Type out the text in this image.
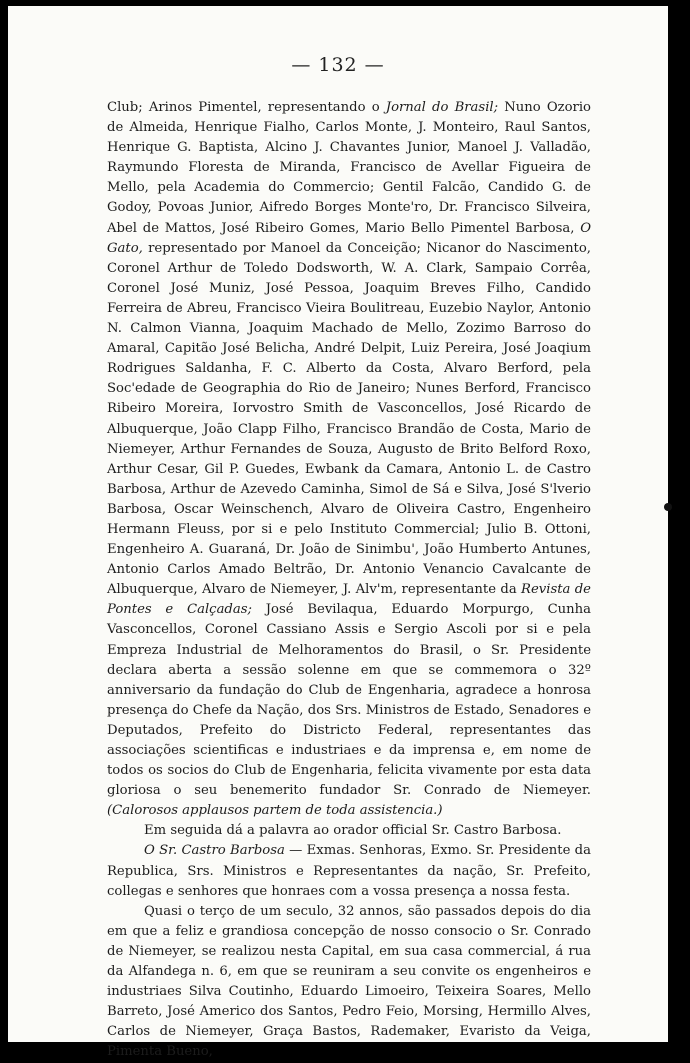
— 132 —

Club; Arinos Pimentel, representando o Jornal do Brasil; Nuno Ozorio de Almeida, Henrique Fialho, Carlos Monte, J. Monteiro, Raul Santos, Henrique G. Baptista, Alcino J. Chavantes Junior, Manoel J. Valladão, Raymundo Floresta de Miranda, Francisco de Avellar Figueira de Mello, pela Academia do Commercio; Gentil Falcão, Candido G. de Godoy, Povoas Junior, Aifredo Borges Monte'ro, Dr. Francisco Silveira, Abel de Mattos, José Ribeiro Gomes, Mario Bello Pimentel Barbosa, O Gato, representado por Manoel da Conceição; Nicanor do Nascimento, Coronel Arthur de Toledo Dodsworth, W. A. Clark, Sampaio Corrêa, Coronel José Muniz, José Pessoa, Joaquim Breves Filho, Candido Ferreira de Abreu, Francisco Vieira Boulitreau, Euzebio Naylor, Antonio N. Calmon Vianna, Joaquim Machado de Mello, Zozimo Barroso do Amaral, Capitão José Belicha, André Delpit, Luiz Pereira, José Joaqium Rodrigues Saldanha, F. C. Alberto da Costa, Alvaro Berford, pela Soc'edade de Geographia do Rio de Janeiro; Nunes Berford, Francisco Ribeiro Moreira, Iorvostro Smith de Vasconcellos, José Ricardo de Albuquerque, João Clapp Filho, Francisco Brandão de Costa, Mario de Niemeyer, Arthur Fernandes de Souza, Augusto de Brito Belford Roxo, Arthur Cesar, Gil P. Guedes, Ewbank da Camara, Antonio L. de Castro Barbosa, Arthur de Azevedo Caminha, Simol de Sá e Silva, José S'lverio Barbosa, Oscar Weinschench, Alvaro de Oliveira Castro, Engenheiro Hermann Fleuss, por si e pelo Instituto Commercial; Julio B. Ottoni, Engenheiro A. Guaraná, Dr. João de Sinimbu', João Humberto Antunes, Antonio Carlos Amado Beltrão, Dr. Antonio Venancio Cavalcante de Albuquerque, Alvaro de Niemeyer, J. Alv'm, representante da Revista de Pontes e Calçadas; José Bevilaqua, Eduardo Morpurgo, Cunha Vasconcellos, Coronel Cassiano Assis e Sergio Ascoli por si e pela Empreza Industrial de Melhoramentos do Brasil, o Sr. Presidente declara aberta a sessão solenne em que se commemora o 32º anniversario da fundação do Club de Engenharia, agradece a honrosa presença do Chefe da Nação, dos Srs. Ministros de Estado, Senadores e Deputados, Prefeito do Districto Federal, representantes das associações scientificas e industriaes e da imprensa e, em nome de todos os socios do Club de Engenharia, felicita vivamente por esta data gloriosa o seu benemerito fundador Sr. Conrado de Niemeyer. (Calorosos applausos partem de toda assistencia.)

Em seguida dá a palavra ao orador official Sr. Castro Barbosa.

O Sr. Castro Barbosa — Exmas. Senhoras, Exmo. Sr. Presidente da Republica, Srs. Ministros e Representantes da nação, Sr. Prefeito, collegas e senhores que honraes com a vossa presença a nossa festa.

Quasi o terço de um seculo, 32 annos, são passados depois do dia em que a feliz e grandiosa concepção de nosso consocio o Sr. Conrado de Niemeyer, se realizou nesta Capital, em sua casa commercial, á rua da Alfandega n. 6, em que se reuniram a seu convite os engenheiros e industriaes Silva Coutinho, Eduardo Limoeiro, Teixeira Soares, Mello Barreto, José Americo dos Santos, Pedro Feio, Morsing, Hermillo Alves, Carlos de Niemeyer, Graça Bastos, Rademaker, Evaristo da Veiga, Pimenta Bueno,
